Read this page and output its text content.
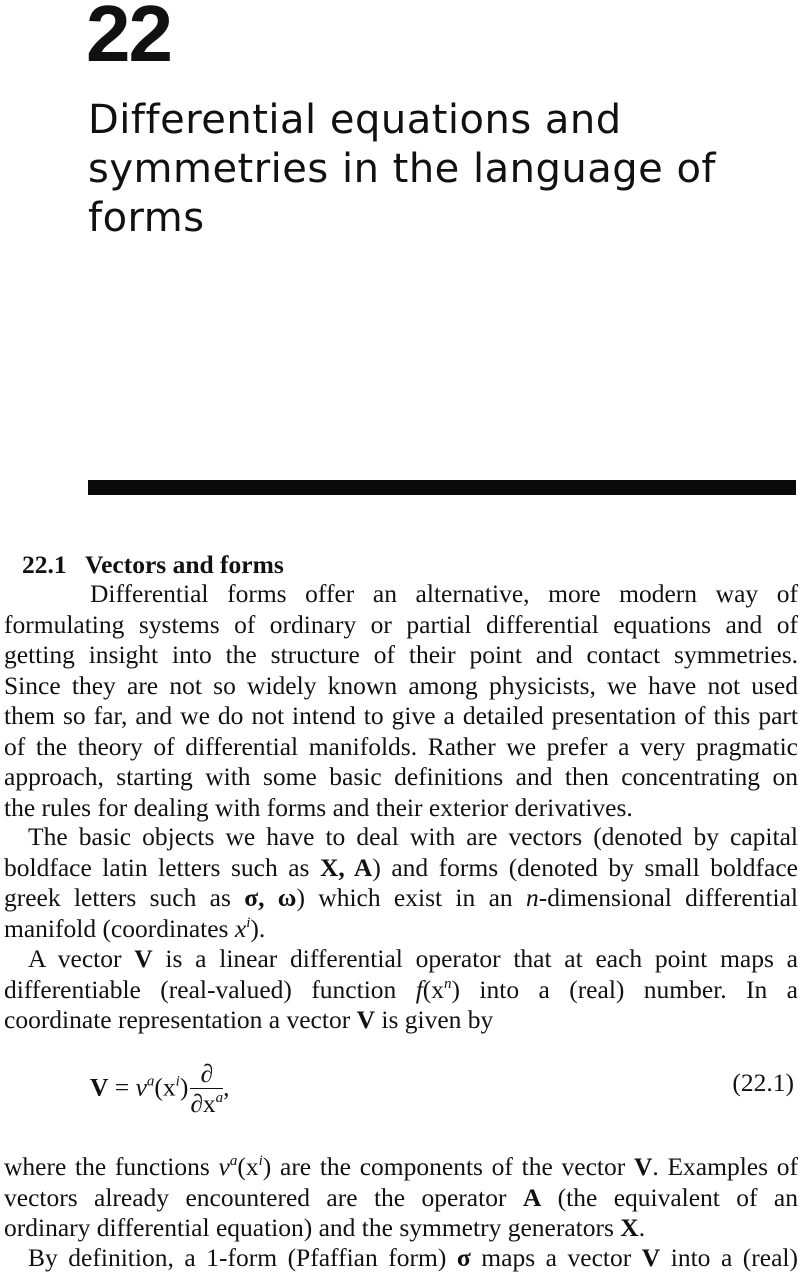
22
Differential equations and
symmetries in the language of
forms
22.1 Vectors and forms
Differential forms offer an alternative, more modern way of
formulating systems of ordinary or partial differential equations and of
getting insight into the structure of their point and contact symmetries.
Since they are not so widely known among physicists, we have not used
them so far, and we do not intend to give a detailed presentation of this part
of the theory of differential manifolds. Rather we prefer a very pragmatic
approach, starting with some basic definitions and then concentrating on
the rules for dealing with forms and their exterior derivatives.
The basic objects we have to deal with are vectors (denoted by capital
boldface latin letters such as X, A) and forms (denoted by small boldface
greek letters such as σ, ω) which exist in an n-dimensional differential
manifold (coordinates $x^i$).
A vector V is a linear differential operator that at each point maps a
differentiable (real-valued) function $f(x^n)$ into a (real) number. In a
coordinate representation a vector V is given by
$V = v^a(x^i) \frac{\partial}{\partial x^a}$ ,	(22.1)
where the functions $v^a(x^i)$ are the components of the vector V. Examples of
vectors already encountered are the operator A (the equivalent of an
ordinary differential equation) and the symmetry generators X.
By definition, a 1-form (Pfaffian form) σ maps a vector V into a (real)
